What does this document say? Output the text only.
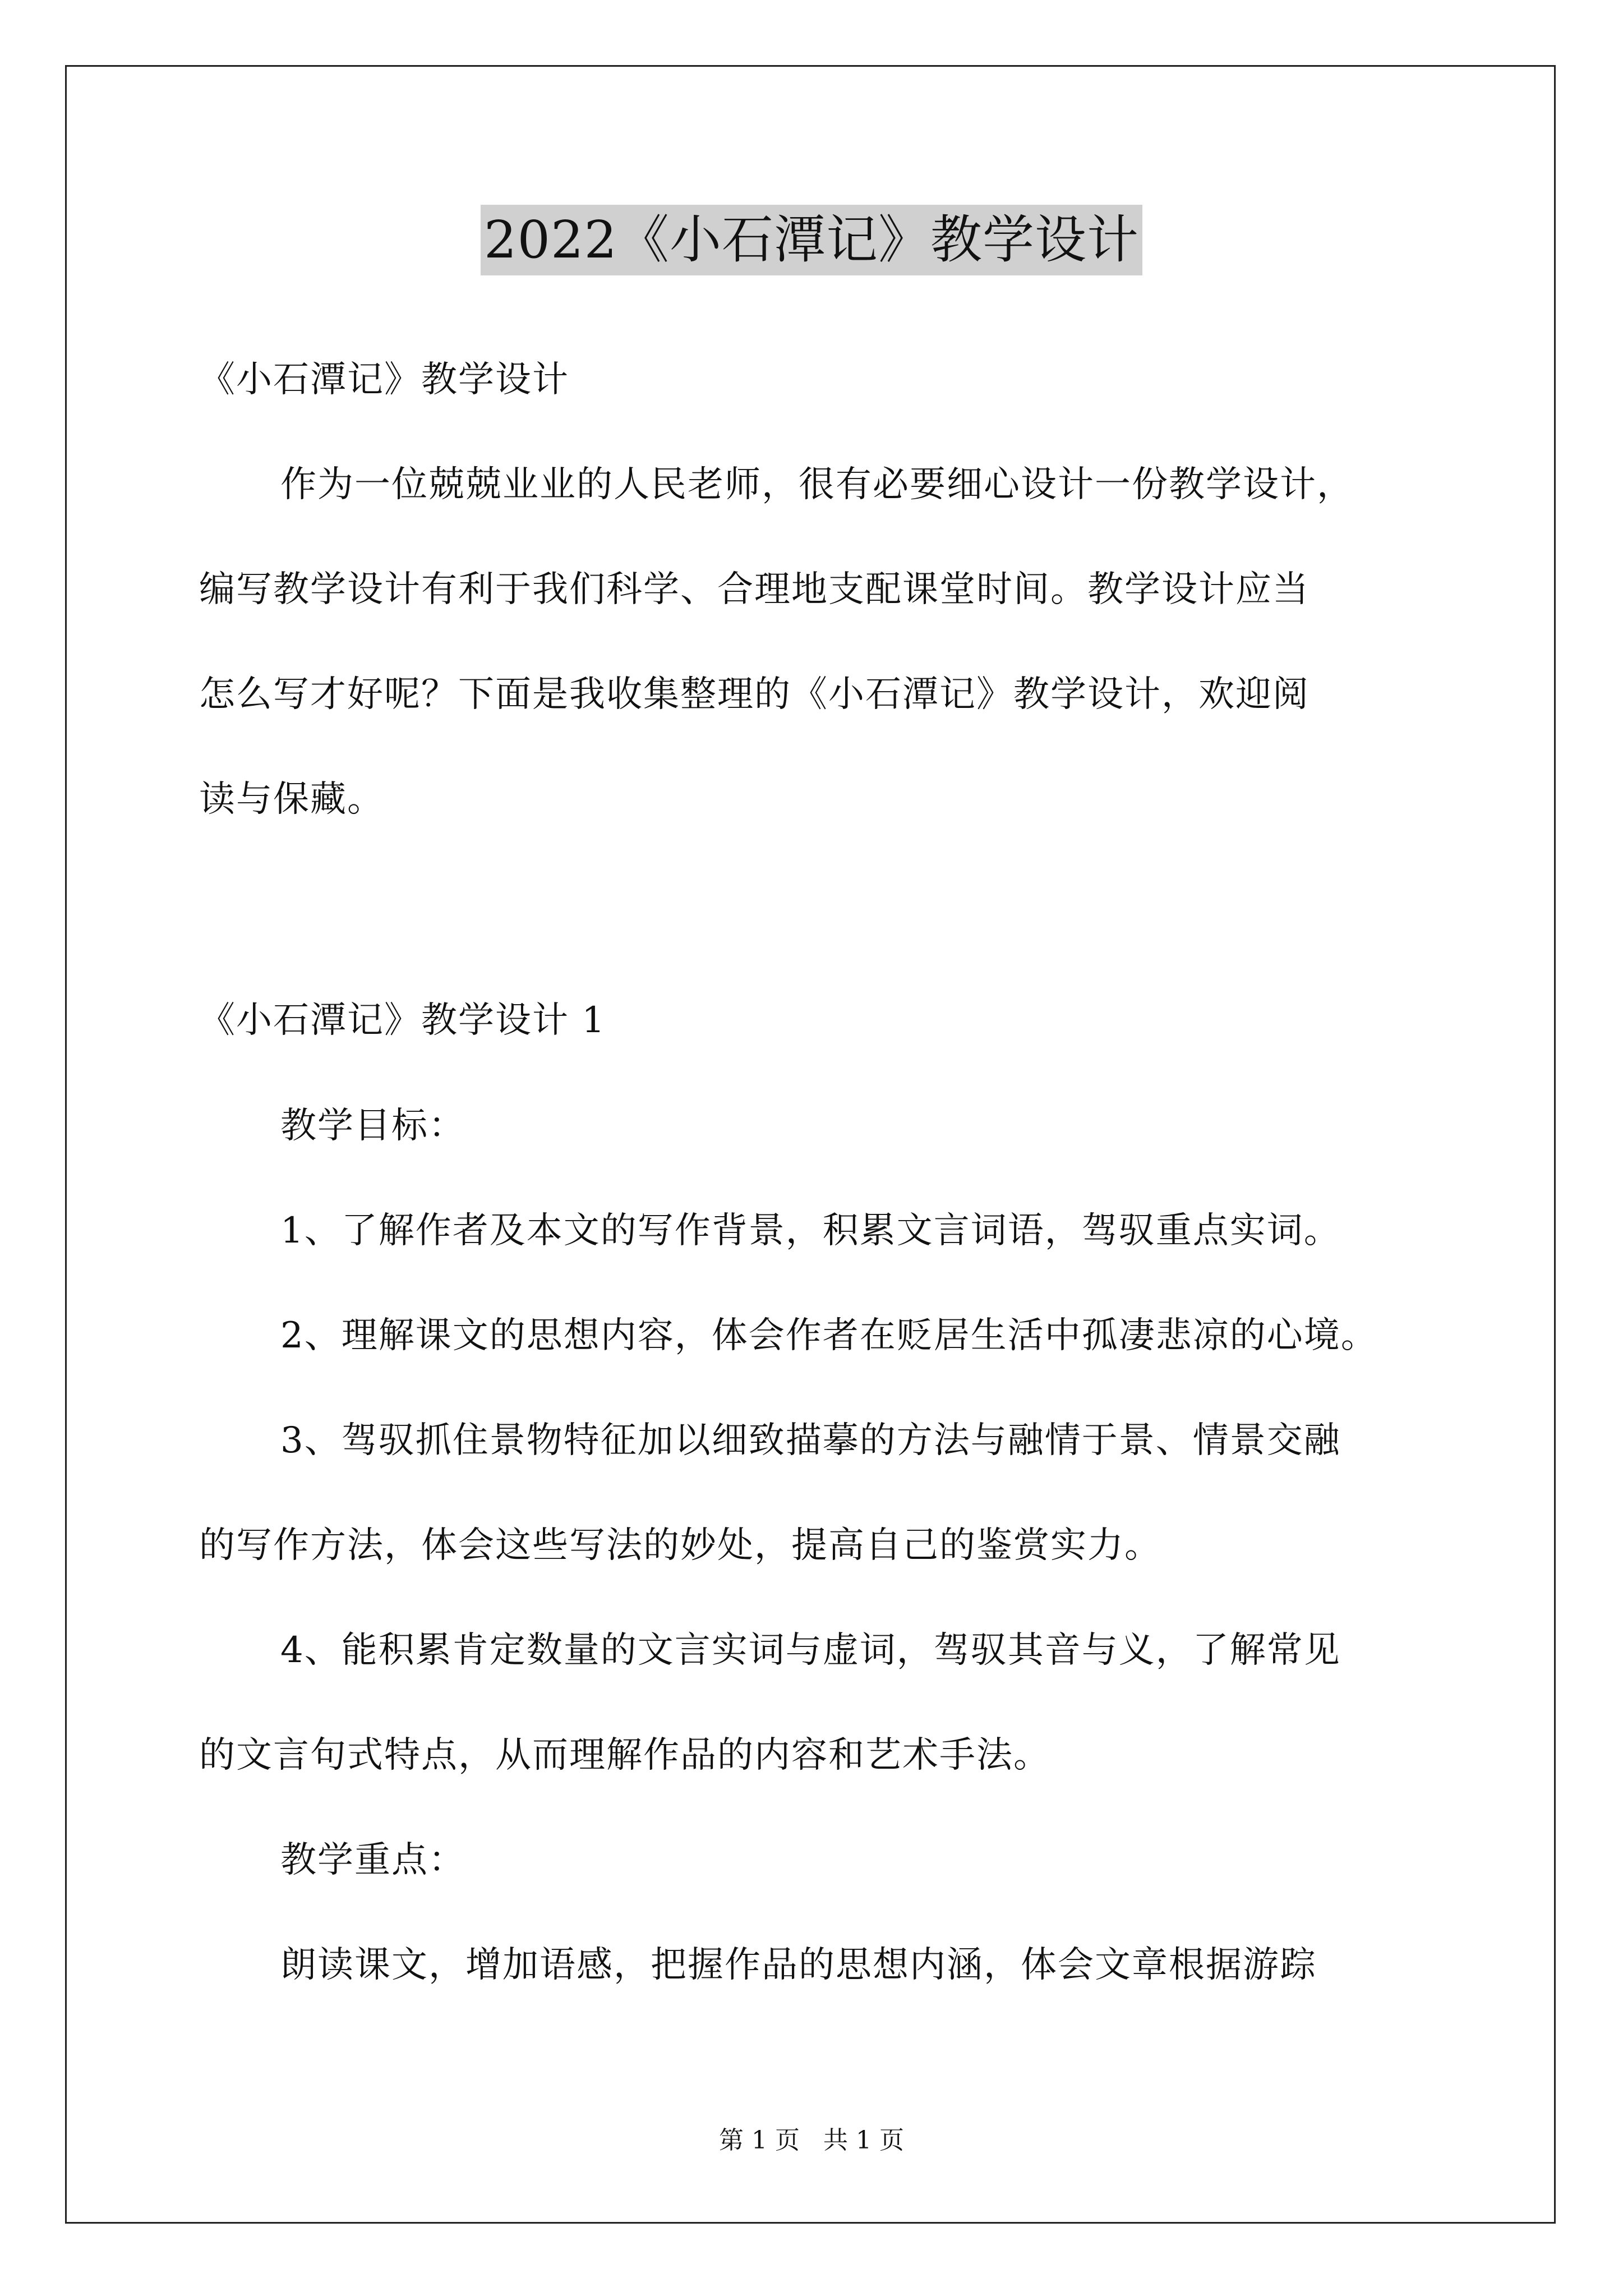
2022《小石潭记》教学设计
《小石潭记》教学设计
作为一位兢兢业业的人民老师，很有必要细心设计一份教学设计，
编写教学设计有利于我们科学、合理地支配课堂时间。教学设计应当
怎么写才好呢？下面是我收集整理的《小石潭记》教学设计，欢迎阅
读与保藏。
《小石潭记》教学设计 1
教学目标：
1、了解作者及本文的写作背景，积累文言词语，驾驭重点实词。
2、理解课文的思想内容，体会作者在贬居生活中孤凄悲凉的心境。
3、驾驭抓住景物特征加以细致描摹的方法与融情于景、情景交融
的写作方法，体会这些写法的妙处，提高自己的鉴赏实力。
4、能积累肯定数量的文言实词与虚词，驾驭其音与义，了解常见
的文言句式特点，从而理解作品的内容和艺术手法。
教学重点：
朗读课文，增加语感，把握作品的思想内涵，体会文章根据游踪
第 1 页 共 1 页
